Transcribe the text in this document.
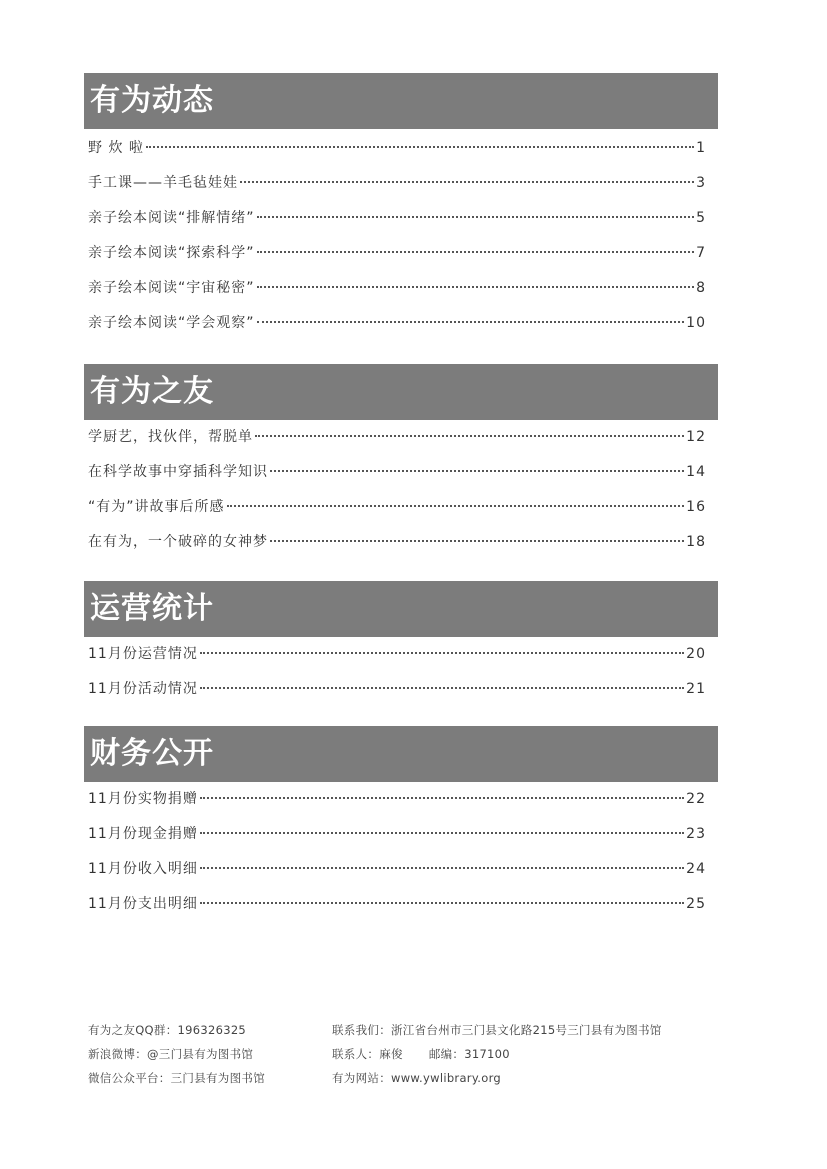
有为动态
野 炊 啦	1
手工课——羊毛毡娃娃	3
亲子绘本阅读“排解情绪”	5
亲子绘本阅读“探索科学”	7
亲子绘本阅读“宇宙秘密”	8
亲子绘本阅读“学会观察”	10
有为之友
学厨艺，找伙伴，帮脱单	12
在科学故事中穿插科学知识	14
“有为”讲故事后所感	16
在有为，一个破碎的女神梦	18
运营统计
11月份运营情况	20
11月份活动情况	21
财务公开
11月份实物捐赠	22
11月份现金捐赠	23
11月份收入明细	24
11月份支出明细	25
有为之友QQ群：196326325	联系我们：浙江省台州市三门县文化路215号三门县有为图书馆
新浪微博：@三门县有为图书馆	联系人：麻俊 邮编：317100
微信公众平台：三门县有为图书馆	有为网站：www.ywlibrary.org
